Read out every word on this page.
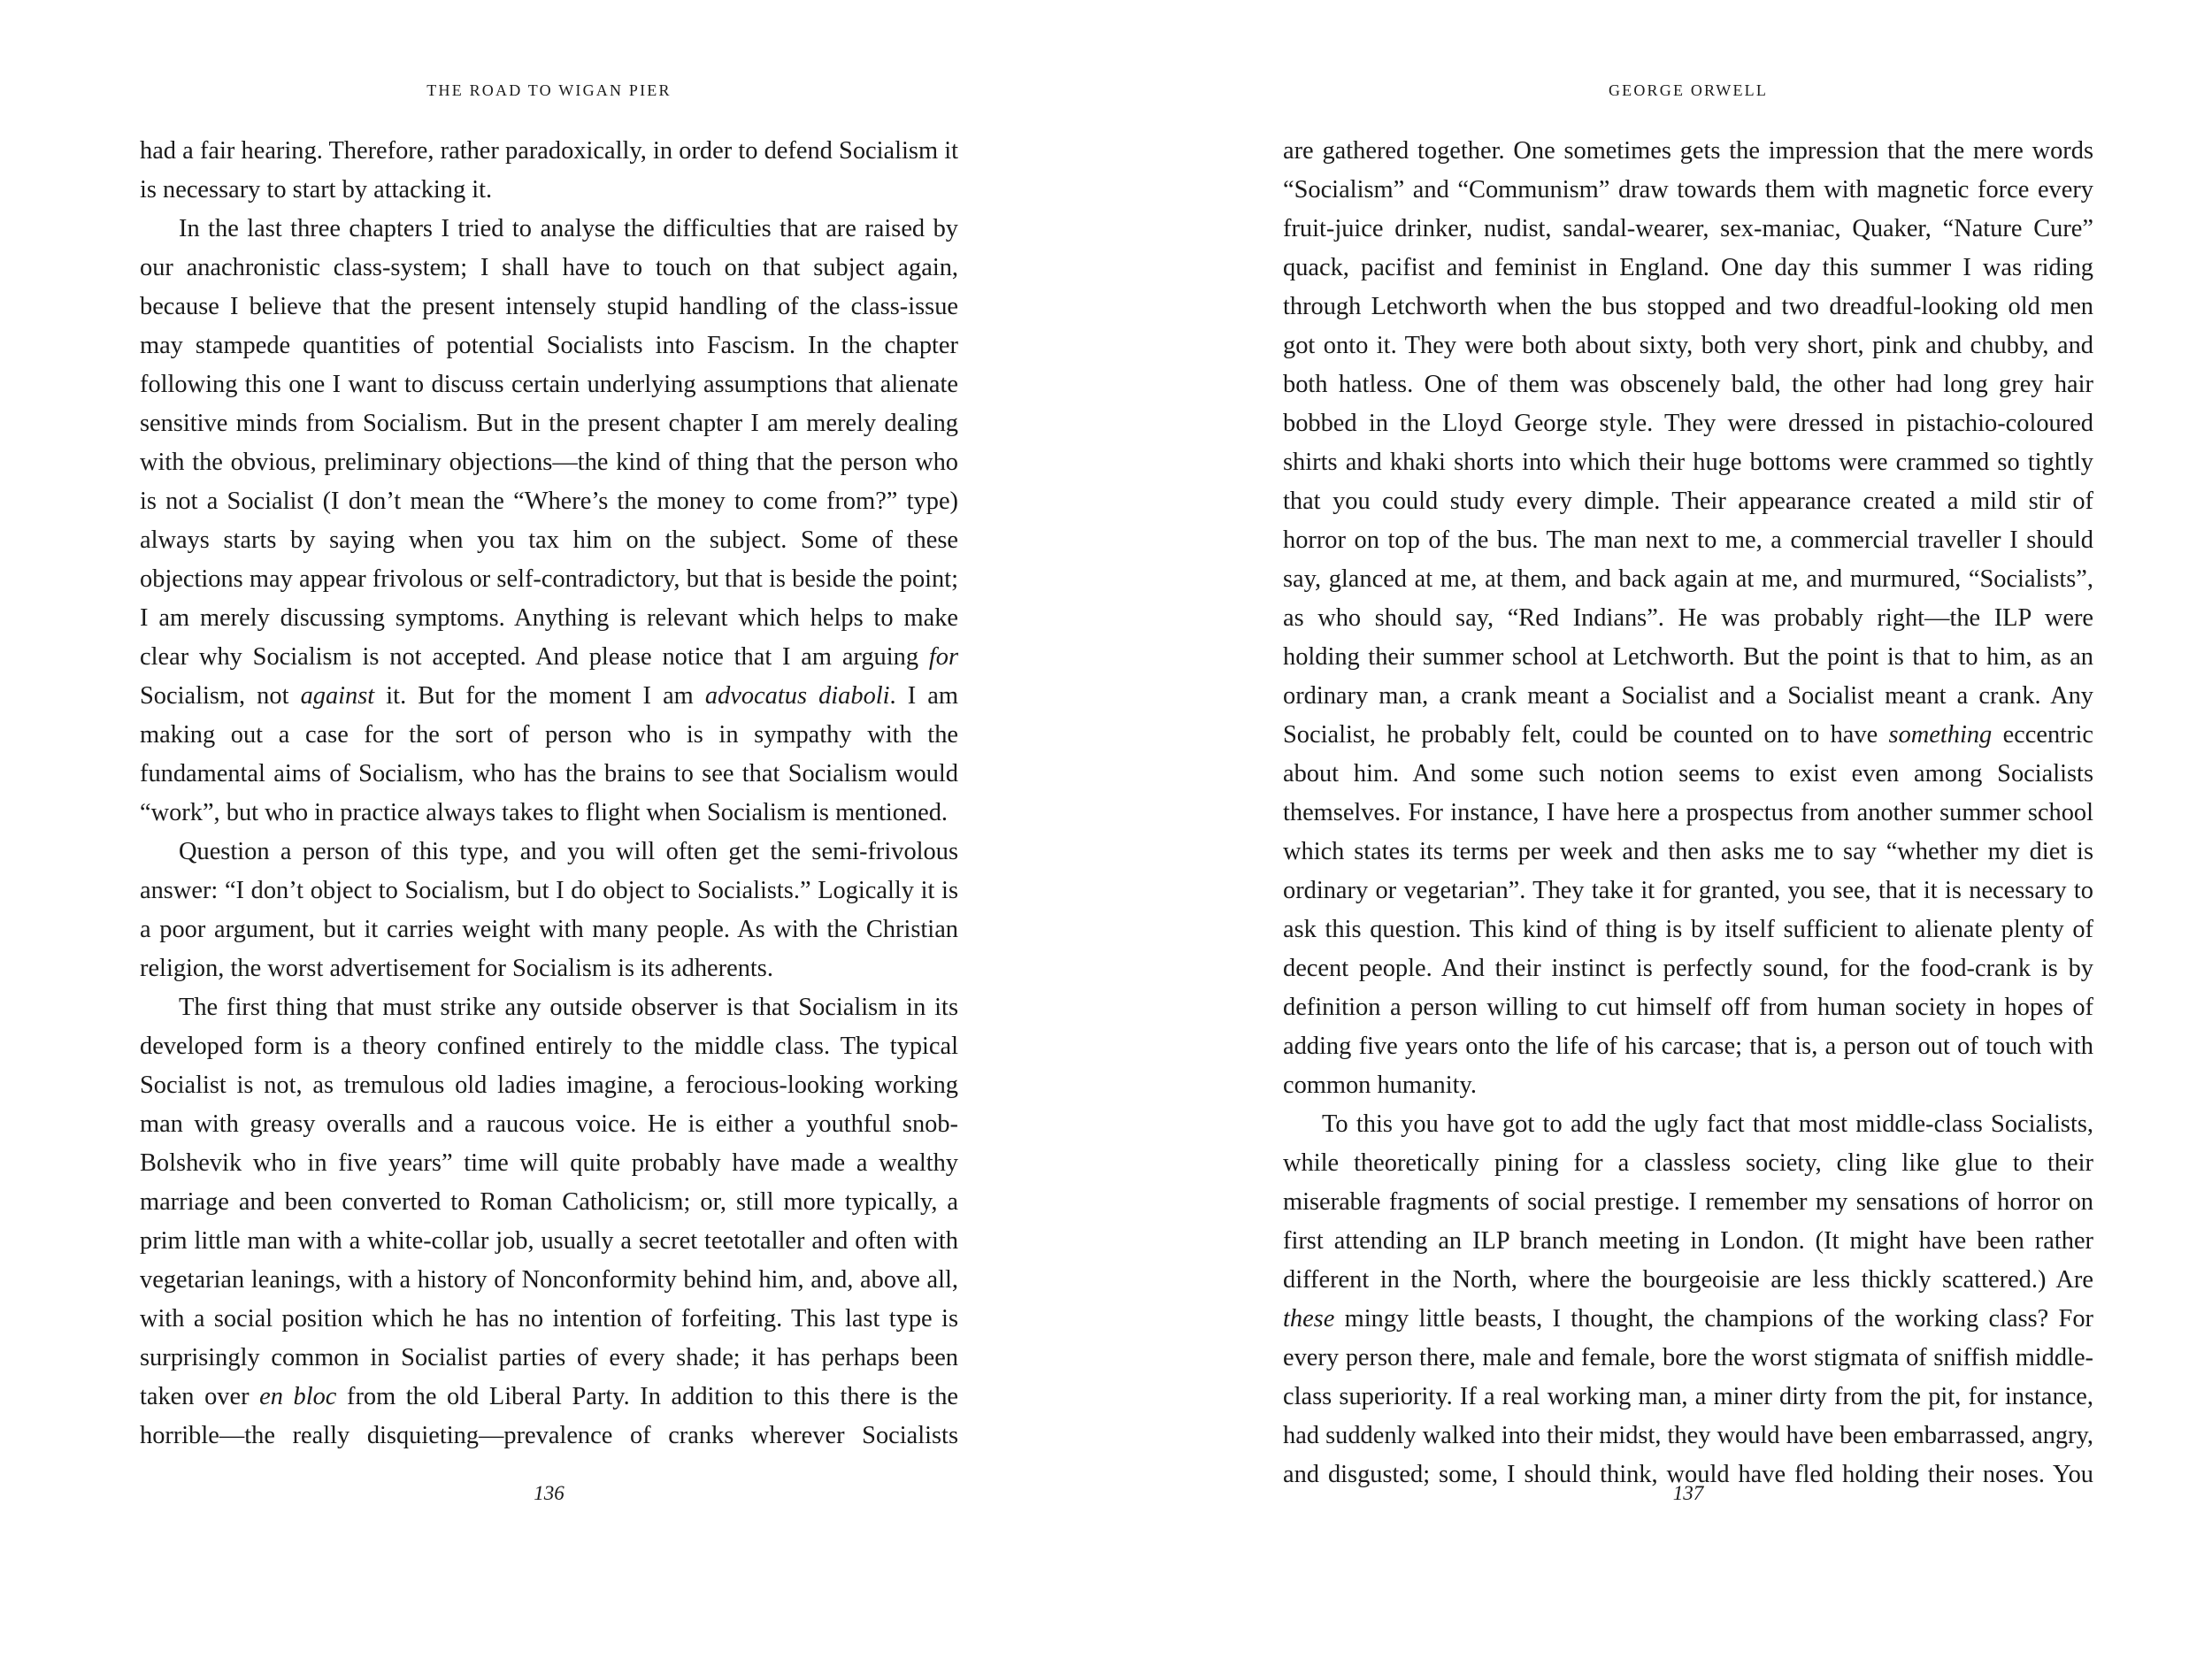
THE ROAD TO WIGAN PIER

had a fair hearing. Therefore, rather paradoxically, in order to defend Socialism it is necessary to start by attacking it.

In the last three chapters I tried to analyse the difficulties that are raised by our anachronistic class-system; I shall have to touch on that subject again, because I believe that the present intensely stupid handling of the class-issue may stampede quantities of potential Socialists into Fascism. In the chapter following this one I want to discuss certain underlying assumptions that alienate sensitive minds from Socialism. But in the present chapter I am merely dealing with the obvious, preliminary objections—the kind of thing that the person who is not a Socialist (I don’t mean the “Where’s the money to come from?” type) always starts by saying when you tax him on the subject. Some of these objections may appear frivolous or self-contradictory, but that is beside the point; I am merely discussing symptoms. Anything is relevant which helps to make clear why Socialism is not accepted. And please notice that I am arguing for Socialism, not against it. But for the moment I am advocatus diaboli. I am making out a case for the sort of person who is in sympathy with the fundamental aims of Socialism, who has the brains to see that Socialism would “work”, but who in practice always takes to flight when Socialism is mentioned.

Question a person of this type, and you will often get the semi-frivolous answer: “I don’t object to Socialism, but I do object to Socialists.” Logically it is a poor argument, but it carries weight with many people. As with the Christian religion, the worst advertisement for Socialism is its adherents.

The first thing that must strike any outside observer is that Socialism in its developed form is a theory confined entirely to the middle class. The typical Socialist is not, as tremulous old ladies imagine, a ferocious-looking working man with greasy overalls and a raucous voice. He is either a youthful snob-Bolshevik who in five years” time will quite probably have made a wealthy marriage and been converted to Roman Catholicism; or, still more typically, a prim little man with a white-collar job, usually a secret teetotaller and often with vegetarian leanings, with a history of Nonconformity behind him, and, above all, with a social position which he has no intention of forfeiting. This last type is surprisingly common in Socialist parties of every shade; it has perhaps been taken over en bloc from the old Liberal Party. In addition to this there is the horrible—the really disquieting—prevalence of cranks wherever Socialists

136
GEORGE ORWELL

are gathered together. One sometimes gets the impression that the mere words “Socialism” and “Communism” draw towards them with magnetic force every fruit-juice drinker, nudist, sandal-wearer, sex-maniac, Quaker, “Nature Cure” quack, pacifist and feminist in England. One day this summer I was riding through Letchworth when the bus stopped and two dreadful-looking old men got onto it. They were both about sixty, both very short, pink and chubby, and both hatless. One of them was obscenely bald, the other had long grey hair bobbed in the Lloyd George style. They were dressed in pistachio-coloured shirts and khaki shorts into which their huge bottoms were crammed so tightly that you could study every dimple. Their appearance created a mild stir of horror on top of the bus. The man next to me, a commercial traveller I should say, glanced at me, at them, and back again at me, and murmured, “Socialists”, as who should say, “Red Indians”. He was probably right—the ILP were holding their summer school at Letchworth. But the point is that to him, as an ordinary man, a crank meant a Socialist and a Socialist meant a crank. Any Socialist, he probably felt, could be counted on to have something eccentric about him. And some such notion seems to exist even among Socialists themselves. For instance, I have here a prospectus from another summer school which states its terms per week and then asks me to say “whether my diet is ordinary or vegetarian”. They take it for granted, you see, that it is necessary to ask this question. This kind of thing is by itself sufficient to alienate plenty of decent people. And their instinct is perfectly sound, for the food-crank is by definition a person willing to cut himself off from human society in hopes of adding five years onto the life of his carcase; that is, a person out of touch with common humanity.

To this you have got to add the ugly fact that most middle-class Socialists, while theoretically pining for a classless society, cling like glue to their miserable fragments of social prestige. I remember my sensations of horror on first attending an ILP branch meeting in London. (It might have been rather different in the North, where the bourgeoisie are less thickly scattered.) Are these mingy little beasts, I thought, the champions of the working class? For every person there, male and female, bore the worst stigmata of sniffish middle-class superiority. If a real working man, a miner dirty from the pit, for instance, had suddenly walked into their midst, they would have been embarrassed, angry, and disgusted; some, I should think, would have fled holding their noses. You

137
